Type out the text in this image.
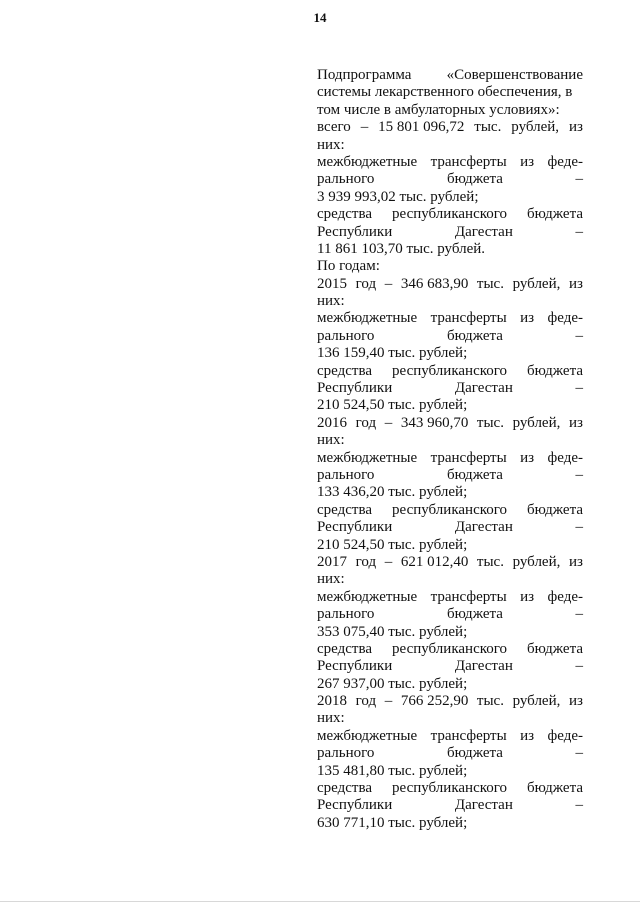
14
Подпрограмма «Совершенствование
системы лекарственного обеспечения, в
том числе в амбулаторных условиях»:
всего – 15 801 096,72 тыс. рублей, из
них:
межбюджетные трансферты из феде-
рального	бюджета	–
3 939 993,02 тыс. рублей;
средства республиканского бюджета
Республики	Дагестан	–
11 861 103,70 тыс. рублей.
По годам:
2015 год – 346 683,90 тыс. рублей, из
них:
межбюджетные трансферты из феде-
рального	бюджета	–
136 159,40 тыс. рублей;
средства республиканского бюджета
Республики	Дагестан	–
210 524,50 тыс. рублей;
2016 год – 343 960,70 тыс. рублей, из
них:
межбюджетные трансферты из феде-
рального	бюджета	–
133 436,20 тыс. рублей;
средства республиканского бюджета
Республики	Дагестан	–
210 524,50 тыс. рублей;
2017 год – 621 012,40 тыс. рублей, из
них:
межбюджетные трансферты из феде-
рального	бюджета	–
353 075,40 тыс. рублей;
средства республиканского бюджета
Республики	Дагестан	–
267 937,00 тыс. рублей;
2018 год – 766 252,90 тыс. рублей, из
них:
межбюджетные трансферты из феде-
рального	бюджета	–
135 481,80 тыс. рублей;
средства республиканского бюджета
Республики	Дагестан	–
630 771,10 тыс. рублей;
